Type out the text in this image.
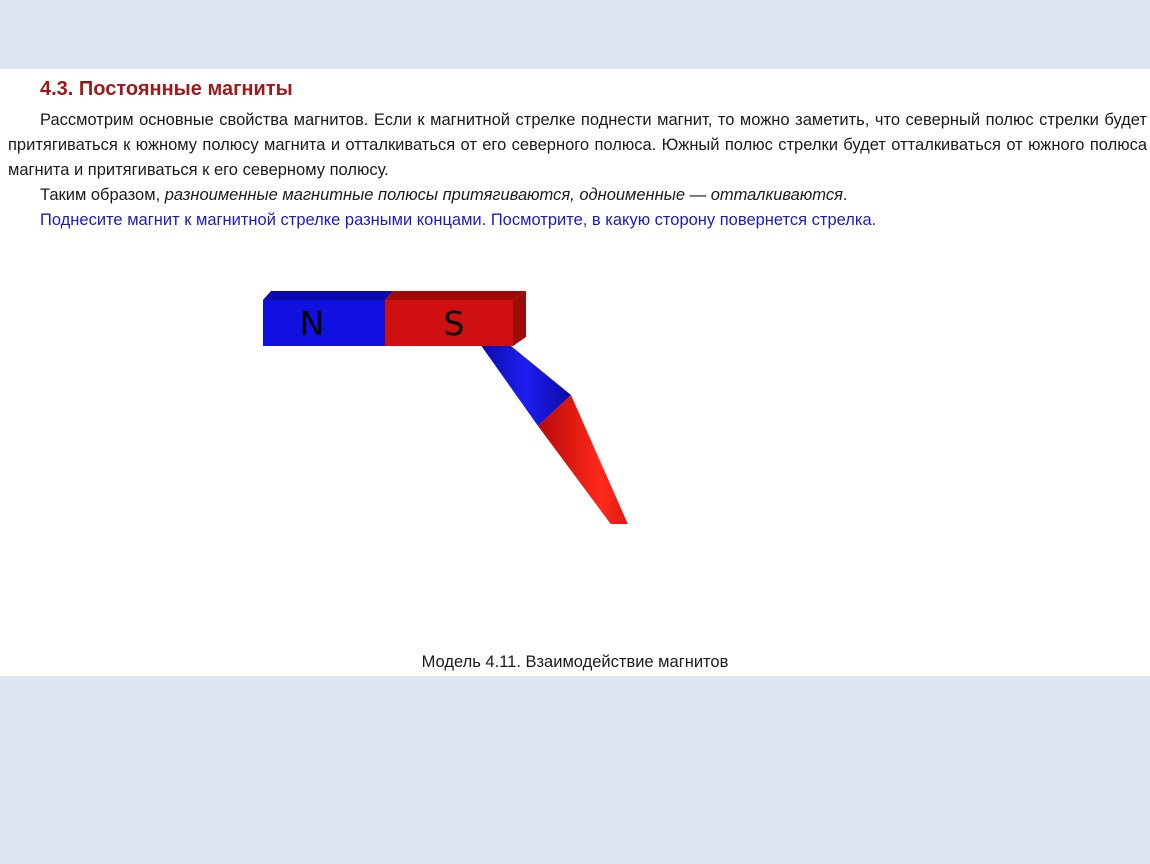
4.3. Постоянные магниты

Рассмотрим основные свойства магнитов. Если к магнитной стрелке поднести магнит, то можно заметить, что северный полюс стрелки будет притягиваться к южному полюсу магнита и отталкиваться от его северного полюса. Южный полюс стрелки будет отталкиваться от южного полюса магнита и притягиваться к его северному полюсу.

Таким образом, разноименные магнитные полюсы притягиваются, одноименные — отталкиваются.

Поднесите магнит к магнитной стрелке разными концами. Посмотрите, в какую сторону повернется стрелка.

N	S
Модель 4.11. Взаимодействие магнитов
